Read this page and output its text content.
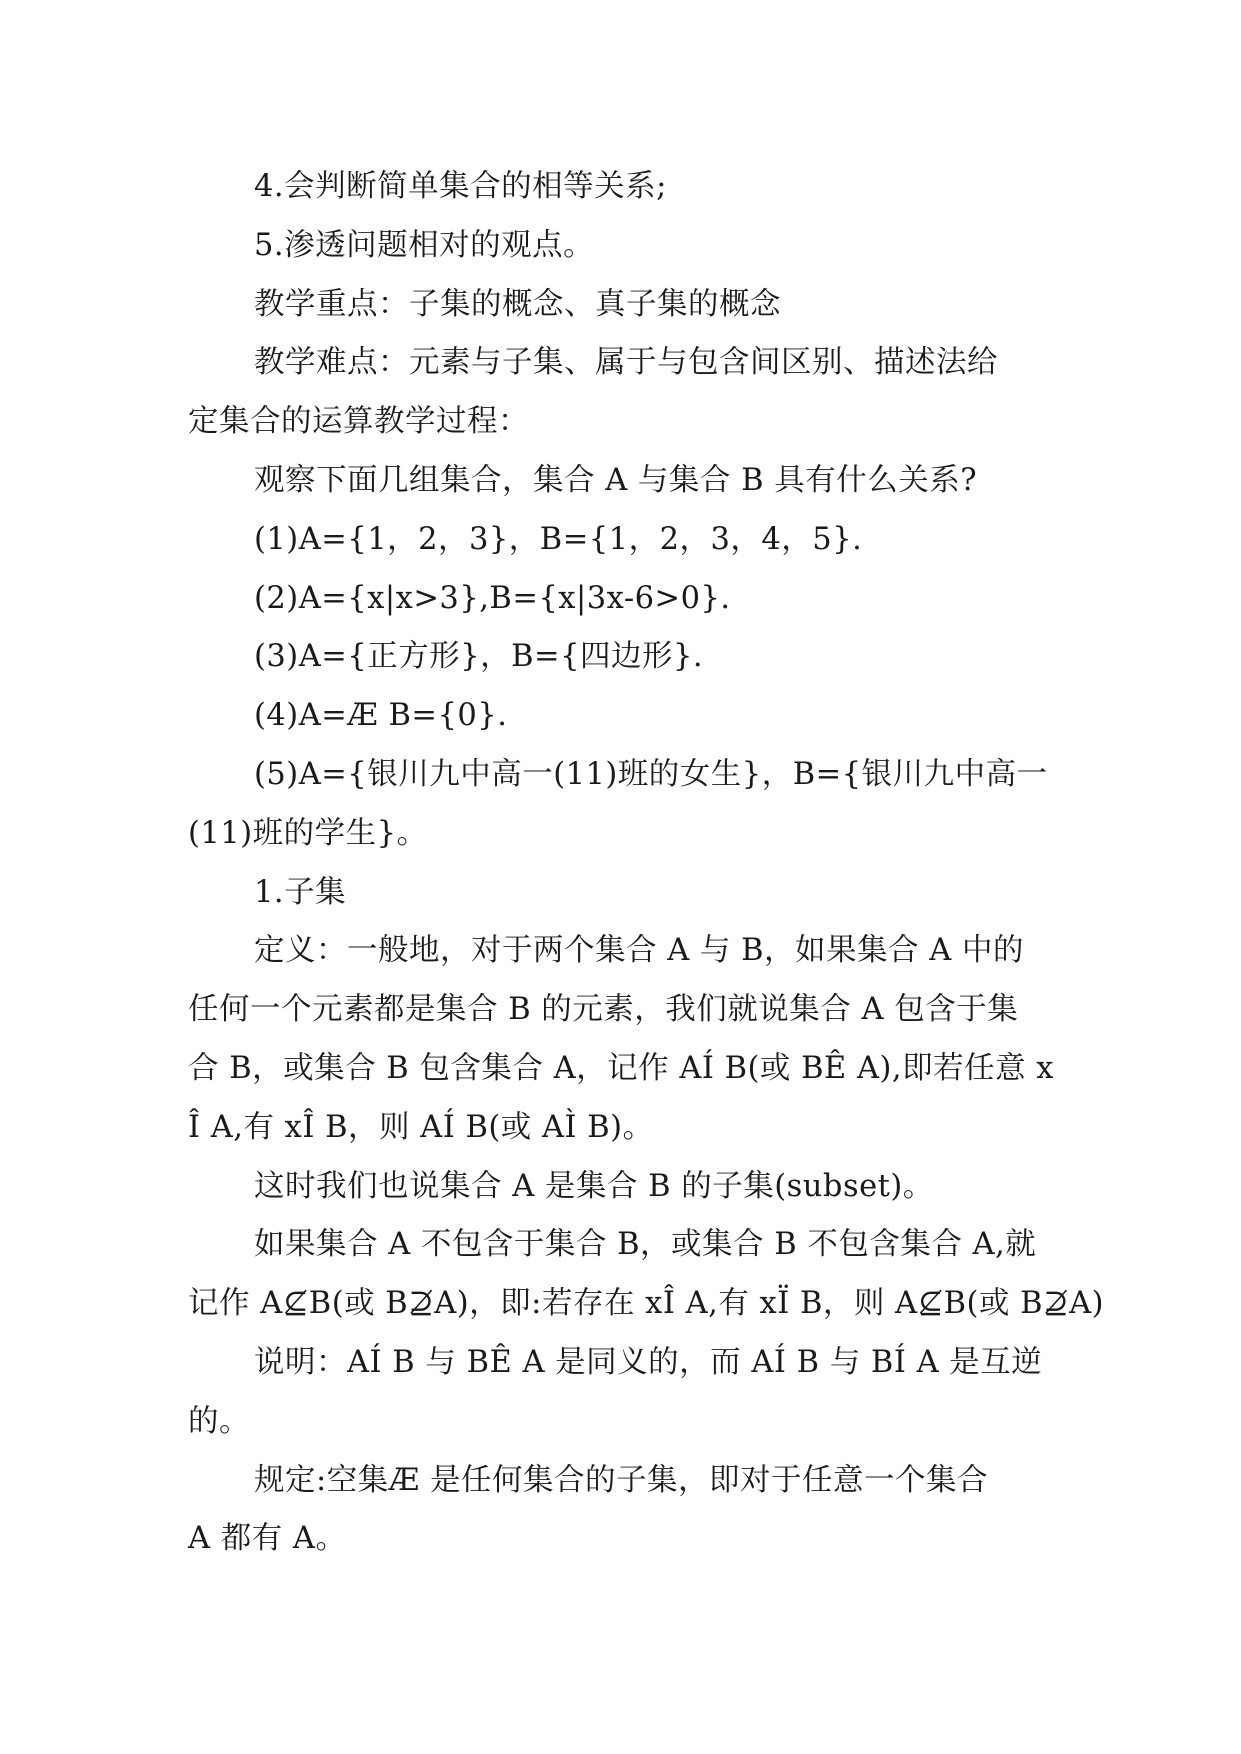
4.会判断简单集合的相等关系;

5.渗透问题相对的观点。

教学重点：子集的概念、真子集的概念

教学难点：元素与子集、属于与包含间区别、描述法给

定集合的运算教学过程：

观察下面几组集合，集合 A 与集合 B 具有什么关系?

(1)A={1，2，3}，B={1，2，3，4，5}.

(2)A={x|x>3},B={x|3x-6>0}.

(3)A={正方形}，B={四边形}.

(4)A=Æ B={0}.

(5)A={银川九中高一(11)班的女生}，B={银川九中高一

(11)班的学生}。

1.子集

定义：一般地，对于两个集合 A 与 B，如果集合 A 中的

任何一个元素都是集合 B 的元素，我们就说集合 A 包含于集

合 B，或集合 B 包含集合 A，记作 AÍ B(或 BÊ A),即若任意 x

Î A,有 xÎ B，则 AÍ B(或 AÌ B)。

这时我们也说集合 A 是集合 B 的子集(subset)。

如果集合 A 不包含于集合 B，或集合 B 不包含集合 A,就

记作 A⊈B(或 B⊉A)，即:若存在 xÎ A,有 xÏ B，则 A⊈B(或 B⊉A)

说明：AÍ B 与 BÊ A 是同义的，而 AÍ B 与 BÍ A 是互逆

的。

规定:空集Æ 是任何集合的子集，即对于任意一个集合

A 都有 A。
